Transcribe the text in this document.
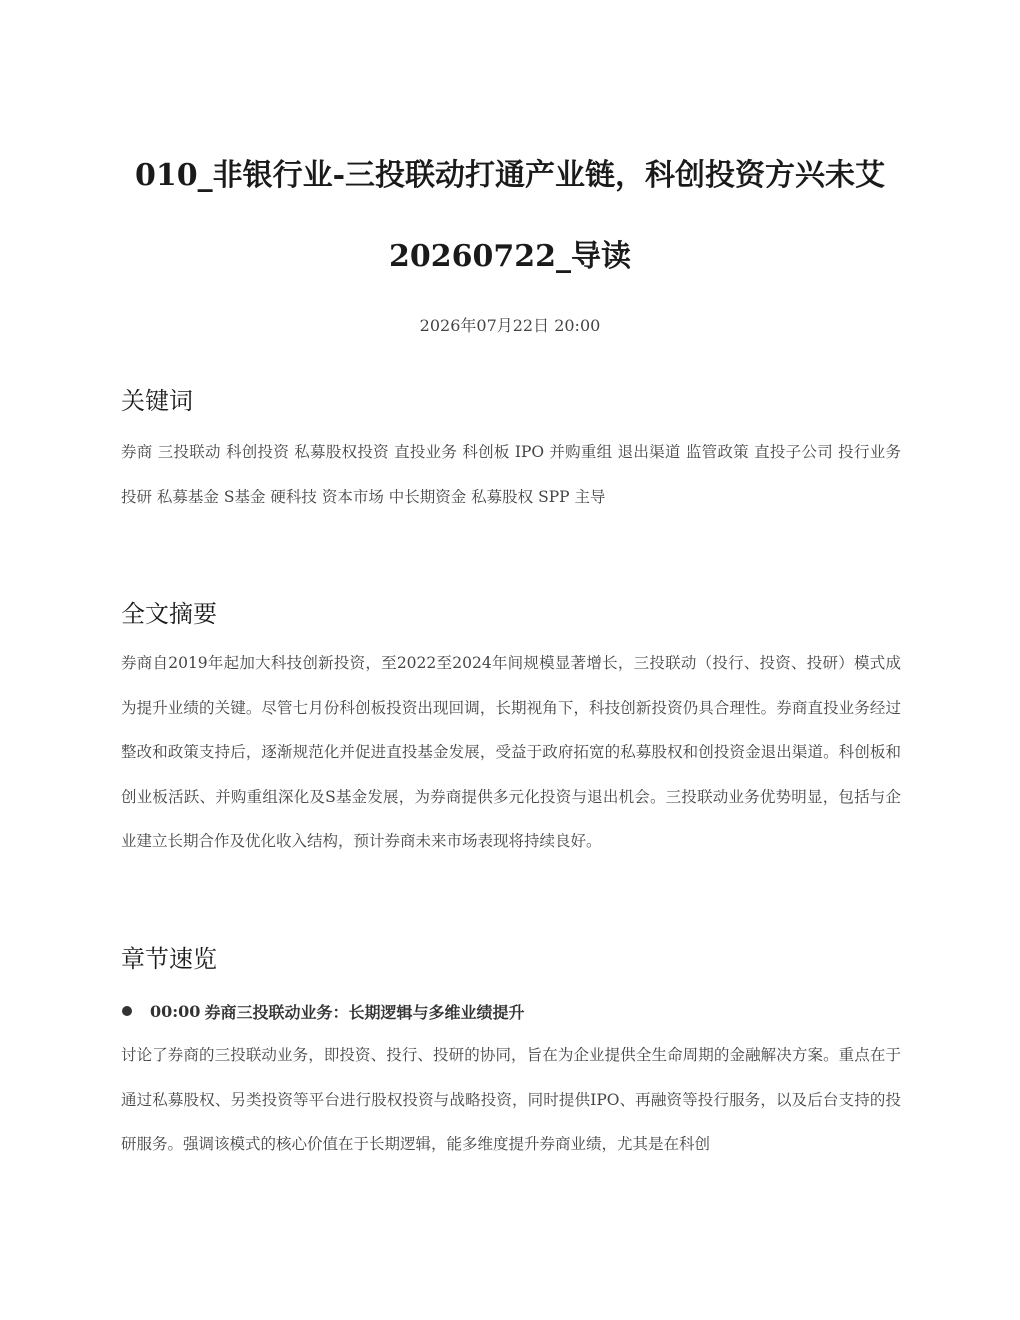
010_非银行业-三投联动打通产业链，科创投资方兴未艾
20260722_导读
2026年07月22日 20:00
关键词

券商 三投联动 科创投资 私募股权投资 直投业务 科创板 IPO 并购重组 退出渠道 监管政策 直投子公司 投行业务 投研 私募基金 S基金 硬科技 资本市场 中长期资金 私募股权 SPP 主导

全文摘要

券商自2019年起加大科技创新投资，至2022至2024年间规模显著增长，三投联动（投行、投资、投研）模式成为提升业绩的关键。尽管七月份科创板投资出现回调，长期视角下，科技创新投资仍具合理性。券商直投业务经过整改和政策支持后，逐渐规范化并促进直投基金发展，受益于政府拓宽的私募股权和创投资金退出渠道。科创板和创业板活跃、并购重组深化及S基金发展，为券商提供多元化投资与退出机会。三投联动业务优势明显，包括与企业建立长期合作及优化收入结构，预计券商未来市场表现将持续良好。

章节速览
00:00 券商三投联动业务：长期逻辑与多维业绩提升

讨论了券商的三投联动业务，即投资、投行、投研的协同，旨在为企业提供全生命周期的金融解决方案。重点在于通过私募股权、另类投资等平台进行股权投资与战略投资，同时提供IPO、再融资等投行服务，以及后台支持的投研服务。强调该模式的核心价值在于长期逻辑，能多维度提升券商业绩，尤其是在科创
